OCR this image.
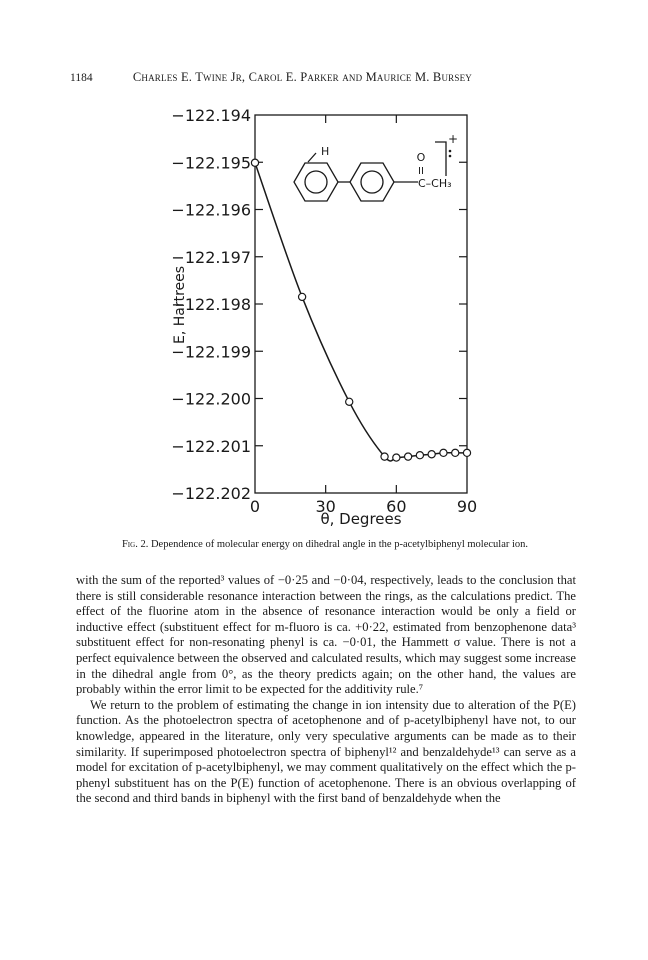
1184	Charles E. Twine Jr, Carol E. Parker and Maurice M. Bursey
−122.194
−122.195
−122.196
−122.197
−122.198
−122.199
−122.200
−122.201
−122.202
0	30	60	90
E, Hartrees
θ, Degrees
H	O
II
C–CH₃
+
Fig. 2. Dependence of molecular energy on dihedral angle in the p-acetylbiphenyl molecular ion.

with the sum of the reported³ values of −0·25 and −0·04, respectively, leads to the conclusion that there is still considerable resonance interaction between the rings, as the calculations predict. The effect of the fluorine atom in the absence of resonance interaction would be only a field or inductive effect (substituent effect for m-fluoro is ca. +0·22, estimated from benzophenone data³ substituent effect for non-resonating phenyl is ca. −0·01, the Hammett σ value. There is not a perfect equivalence between the observed and calculated results, which may suggest some increase in the dihedral angle from 0°, as the theory predicts again; on the other hand, the values are probably within the error limit to be expected for the additivity rule.⁷

We return to the problem of estimating the change in ion intensity due to alteration of the P(E) function. As the photoelectron spectra of acetophenone and of p-acetylbiphenyl have not, to our knowledge, appeared in the literature, only very speculative arguments can be made as to their similarity. If superimposed photoelectron spectra of biphenyl¹² and benzaldehyde¹³ can serve as a model for excitation of p-acetylbiphenyl, we may comment qualitatively on the effect which the p-phenyl substituent has on the P(E) function of acetophenone. There is an obvious overlapping of the second and third bands in biphenyl with the first band of benzaldehyde when the
